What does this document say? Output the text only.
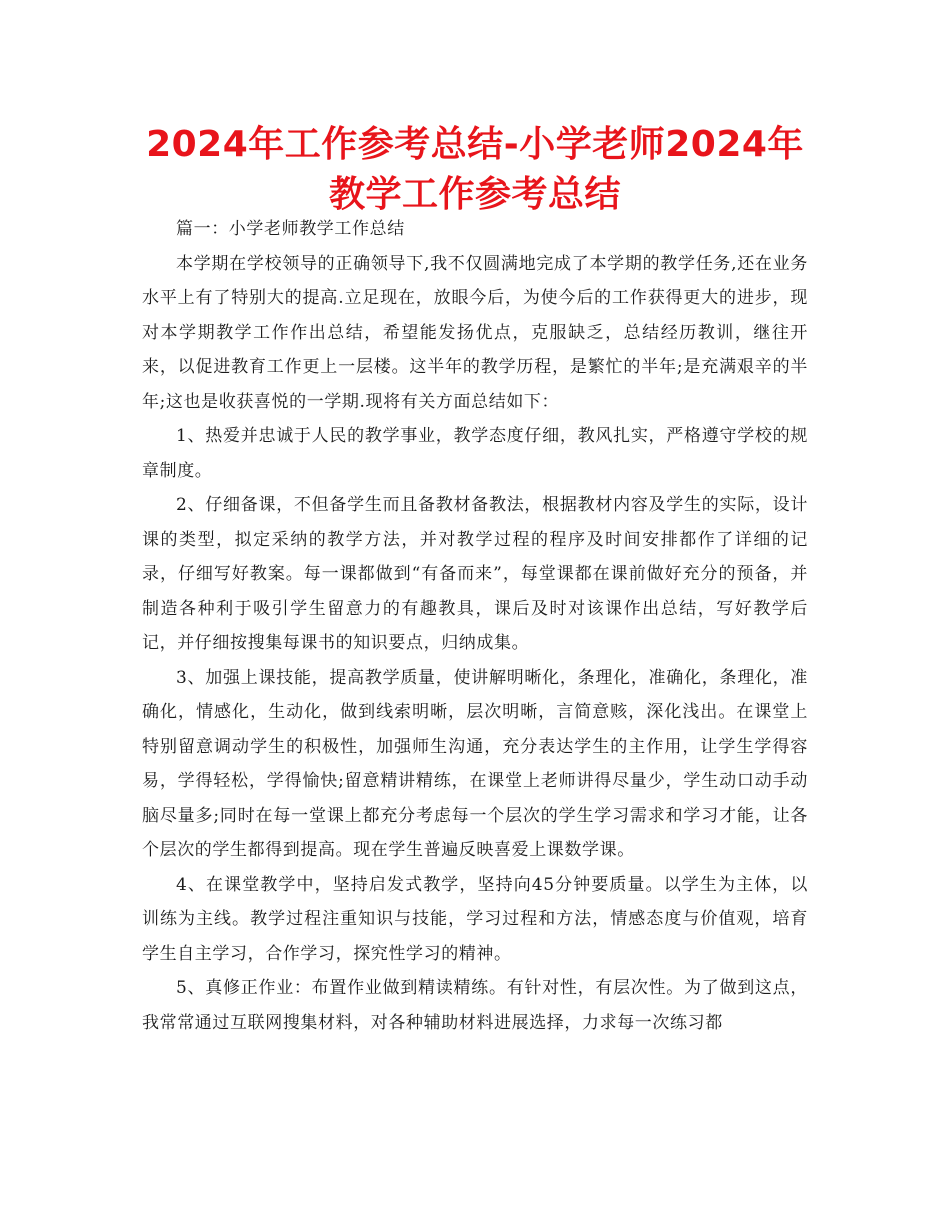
2024年工作参考总结-小学老师2024年教学工作参考总结

篇一：小学老师教学工作总结

本学期在学校领导的正确领导下,我不仅圆满地完成了本学期的教学任务,还在业务水平上有了特别大的提高.立足现在，放眼今后，为使今后的工作获得更大的进步，现对本学期教学工作作出总结，希望能发扬优点，克服缺乏，总结经历教训，继往开来，以促进教育工作更上一层楼。这半年的教学历程，是繁忙的半年;是充满艰辛的半年;这也是收获喜悦的一学期.现将有关方面总结如下：

1、热爱并忠诚于人民的教学事业，教学态度仔细，教风扎实，严格遵守学校的规章制度。

2、仔细备课，不但备学生而且备教材备教法，根据教材内容及学生的实际，设计课的类型，拟定采纳的教学方法，并对教学过程的程序及时间安排都作了详细的记录，仔细写好教案。每一课都做到“有备而来”，每堂课都在课前做好充分的预备，并制造各种利于吸引学生留意力的有趣教具，课后及时对该课作出总结，写好教学后记，并仔细按搜集每课书的知识要点，归纳成集。

3、加强上课技能，提高教学质量，使讲解明晰化，条理化，准确化，条理化，准确化，情感化，生动化，做到线索明晰，层次明晰，言简意赅，深化浅出。在课堂上特别留意调动学生的积极性，加强师生沟通，充分表达学生的主作用，让学生学得容易，学得轻松，学得愉快;留意精讲精练，在课堂上老师讲得尽量少，学生动口动手动脑尽量多;同时在每一堂课上都充分考虑每一个层次的学生学习需求和学习才能，让各个层次的学生都得到提高。现在学生普遍反映喜爱上课数学课。

4、在课堂教学中，坚持启发式教学，坚持向45分钟要质量。以学生为主体，以训练为主线。教学过程注重知识与技能，学习过程和方法，情感态度与价值观，培育学生自主学习，合作学习，探究性学习的精神。

5、真修正作业：布置作业做到精读精练。有针对性，有层次性。为了做到这点，我常常通过互联网搜集材料，对各种辅助材料进展选择，力求每一次练习都
